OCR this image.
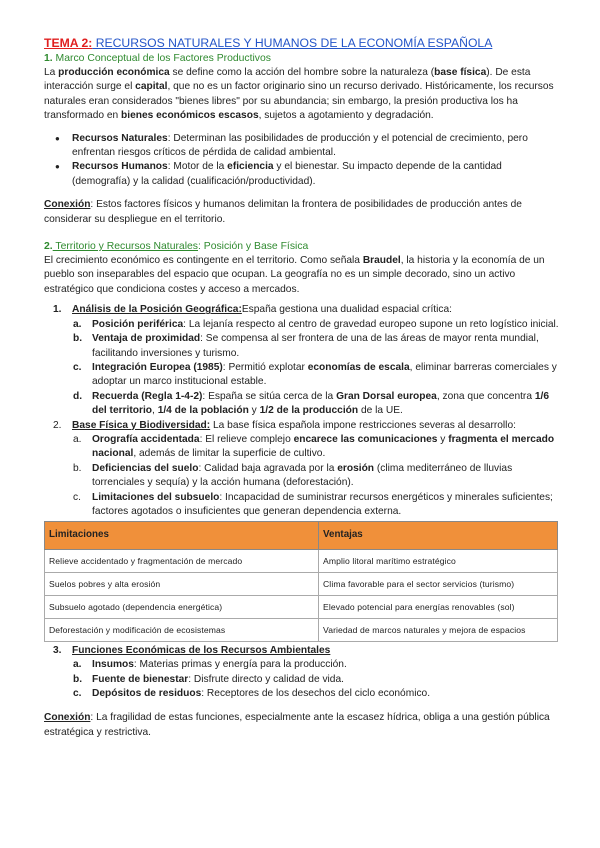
TEMA 2: RECURSOS NATURALES Y HUMANOS DE LA ECONOMÍA ESPAÑOLA
1. Marco Conceptual de los Factores Productivos

La producción económica se define como la acción del hombre sobre la naturaleza (base física). De esta interacción surge el capital, que no es un factor originario sino un recurso derivado. Históricamente, los recursos naturales eran considerados "bienes libres" por su abundancia; sin embargo, la presión productiva los ha transformado en bienes económicos escasos, sujetos a agotamiento y degradación.

● Recursos Naturales: Determinan las posibilidades de producción y el potencial de crecimiento, pero enfrentan riesgos críticos de pérdida de calidad ambiental.
● Recursos Humanos: Motor de la eficiencia y el bienestar. Su impacto depende de la cantidad (demografía) y la calidad (cualificación/productividad).

Conexión: Estos factores físicos y humanos delimitan la frontera de posibilidades de producción antes de considerar su despliegue en el territorio.

2. Territorio y Recursos Naturales: Posición y Base Física

El crecimiento económico es contingente en el territorio. Como señala Braudel, la historia y la economía de un pueblo son inseparables del espacio que ocupan. La geografía no es un simple decorado, sino un activo estratégico que condiciona costes y acceso a mercados.

1. Análisis de la Posición Geográfica:España gestiona una dualidad espacial crítica:
a. Posición periférica: La lejanía respecto al centro de gravedad europeo supone un reto logístico inicial.
b. Ventaja de proximidad: Se compensa al ser frontera de una de las áreas de mayor renta mundial, facilitando inversiones y turismo.
c. Integración Europea (1985): Permitió explotar economías de escala, eliminar barreras comerciales y adoptar un marco institucional estable.
d. Recuerda (Regla 1-4-2): España se sitúa cerca de la Gran Dorsal europea, zona que concentra 1/6 del territorio, 1/4 de la población y 1/2 de la producción de la UE.
2. Base Física y Biodiversidad: La base física española impone restricciones severas al desarrollo:
a. Orografía accidentada: El relieve complejo encarece las comunicaciones y fragmenta el mercado nacional, además de limitar la superficie de cultivo.
b. Deficiencias del suelo: Calidad baja agravada por la erosión (clima mediterráneo de lluvias torrenciales y sequía) y la acción humana (deforestación).
c. Limitaciones del subsuelo: Incapacidad de suministrar recursos energéticos y minerales suficientes; factores agotados o insuficientes que generan dependencia externa.
Limitaciones	Ventajas
Relieve accidentado y fragmentación de mercado	Amplio litoral marítimo estratégico
Suelos pobres y alta erosión	Clima favorable para el sector servicios (turismo)
Subsuelo agotado (dependencia energética)	Elevado potencial para energías renovables (sol)
Deforestación y modificación de ecosistemas	Variedad de marcos naturales y mejora de espacios
3. Funciones Económicas de los Recursos Ambientales
a. Insumos: Materias primas y energía para la producción.
b. Fuente de bienestar: Disfrute directo y calidad de vida.
c. Depósitos de residuos: Receptores de los desechos del ciclo económico.

Conexión: La fragilidad de estas funciones, especialmente ante la escasez hídrica, obliga a una gestión pública estratégica y restrictiva.
